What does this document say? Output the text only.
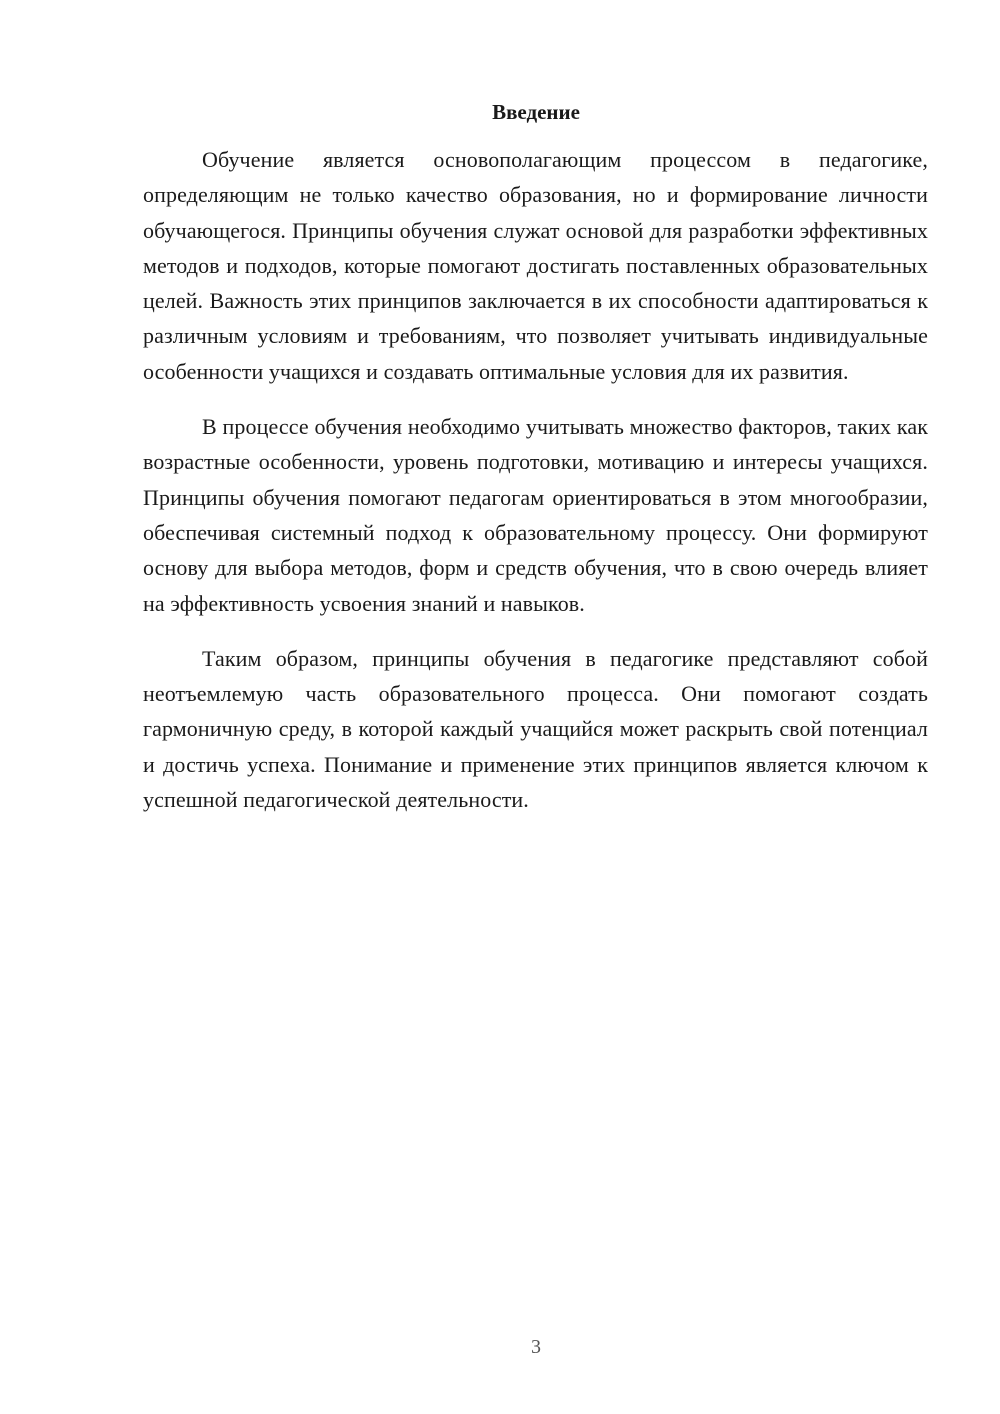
Введение

Обучение является основополагающим процессом в педагогике, определяющим не только качество образования, но и формирование личности обучающегося. Принципы обучения служат основой для разработки эффективных методов и подходов, которые помогают достигать поставленных образовательных целей. Важность этих принципов заключается в их способности адаптироваться к различным условиям и требованиям, что позволяет учитывать индивидуальные особенности учащихся и создавать оптимальные условия для их развития.

В процессе обучения необходимо учитывать множество факторов, таких как возрастные особенности, уровень подготовки, мотивацию и интересы учащихся. Принципы обучения помогают педагогам ориентироваться в этом многообразии, обеспечивая системный подход к образовательному процессу. Они формируют основу для выбора методов, форм и средств обучения, что в свою очередь влияет на эффективность усвоения знаний и навыков.

Таким образом, принципы обучения в педагогике представляют собой неотъемлемую часть образовательного процесса. Они помогают создать гармоничную среду, в которой каждый учащийся может раскрыть свой потенциал и достичь успеха. Понимание и применение этих принципов является ключом к успешной педагогической деятельности.

3
